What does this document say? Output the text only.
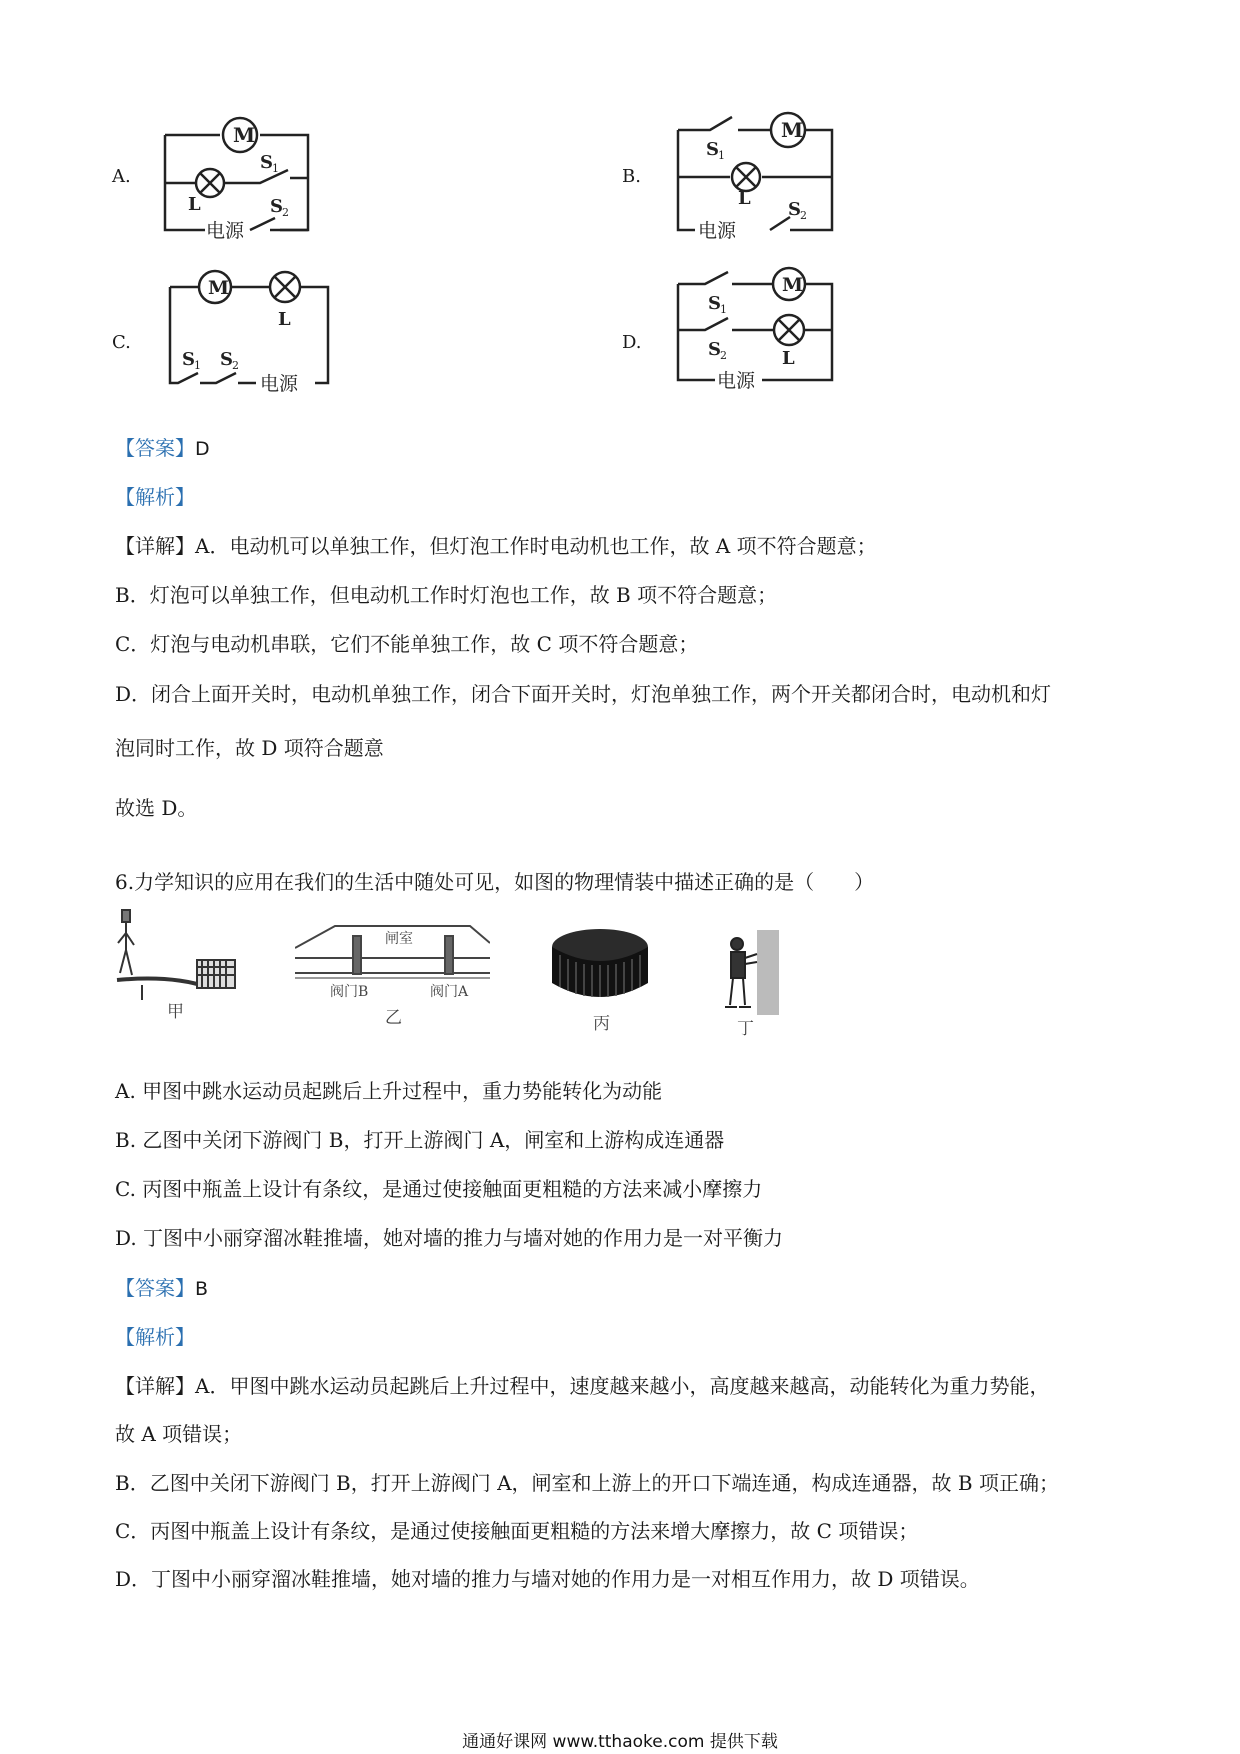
A.
M
L
S 1
S 2
电源
B.
M
L
S 1
S 2
电源
C.
M
L
S 1 S 2
电源
D.
M
L
S 1
S 2
电源
【答案】D
【解析】
【详解】A．电动机可以单独工作，但灯泡工作时电动机也工作，故 A 项不符合题意；
B．灯泡可以单独工作，但电动机工作时灯泡也工作，故 B 项不符合题意；
C．灯泡与电动机串联，它们不能单独工作，故 C 项不符合题意；
D．闭合上面开关时，电动机单独工作，闭合下面开关时，灯泡单独工作，两个开关都闭合时，电动机和灯
泡同时工作，故 D 项符合题意
故选 D。
6.力学知识的应用在我们的生活中随处可见，如图的物理情装中描述正确的是（　　）
甲
闸室
阀门B	阀门A
乙	丙	丁
A. 甲图中跳水运动员起跳后上升过程中，重力势能转化为动能
B. 乙图中关闭下游阀门 B，打开上游阀门 A，闸室和上游构成连通器
C. 丙图中瓶盖上设计有条纹，是通过使接触面更粗糙的方法来减小摩擦力
D. 丁图中小丽穿溜冰鞋推墙，她对墙的推力与墙对她的作用力是一对平衡力
【答案】B
【解析】
【详解】A．甲图中跳水运动员起跳后上升过程中，速度越来越小，高度越来越高，动能转化为重力势能，
故 A 项错误；
B．乙图中关闭下游阀门 B，打开上游阀门 A，闸室和上游上的开口下端连通，构成连通器，故 B 项正确；
C．丙图中瓶盖上设计有条纹，是通过使接触面更粗糙的方法来增大摩擦力，故 C 项错误；
D．丁图中小丽穿溜冰鞋推墙，她对墙的推力与墙对她的作用力是一对相互作用力，故 D 项错误。
通通好课网 www.tthaoke.com 提供下载
